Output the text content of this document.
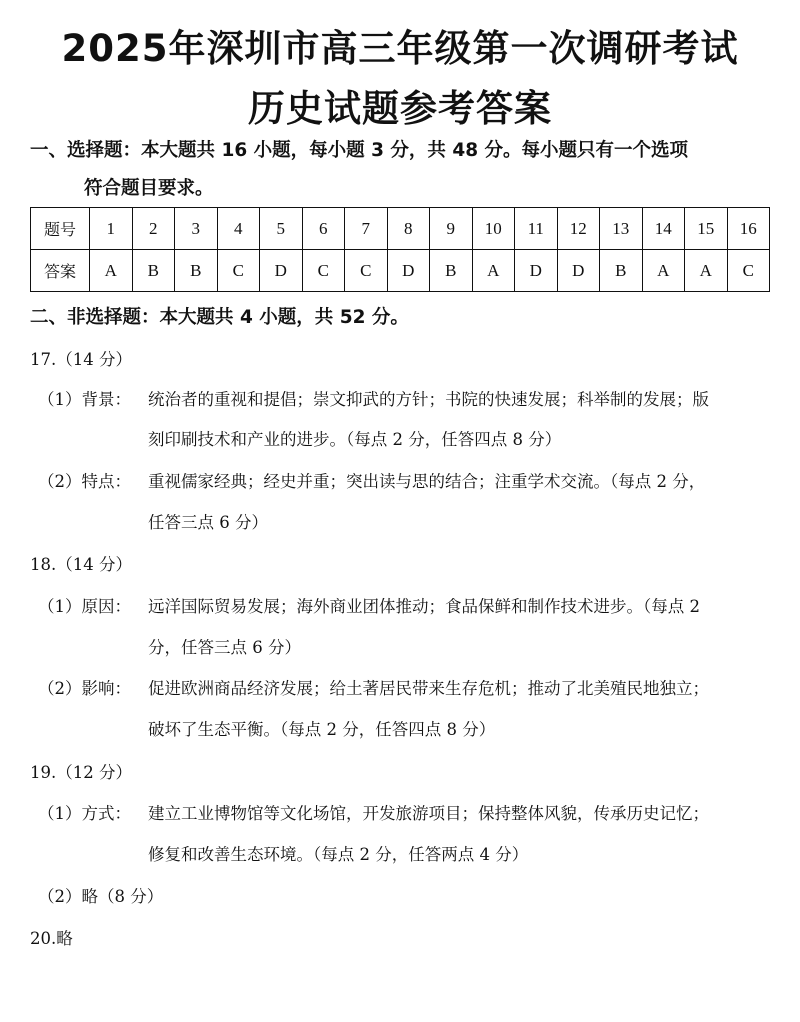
2025年深圳市高三年级第一次调研考试
历史试题参考答案
一、选择题：本大题共 16 小题，每小题 3 分，共 48 分。每小题只有一个选项
符合题目要求。
题号	1	2	3	4	5	6	7	8	9	10	11	12	13	14	15	16
答案	A	B	B	C	D	C	C	D	B	A	D	D	B	A	A	C
二、非选择题：本大题共 4 小题，共 52 分。
17.（14 分）
（1）背景： 统治者的重视和提倡；崇文抑武的方针；书院的快速发展；科举制的发展；版
刻印刷技术和产业的进步。（每点 2 分，任答四点 8 分）
（2）特点： 重视儒家经典；经史并重；突出读与思的结合；注重学术交流。（每点 2 分，
任答三点 6 分）
18.（14 分）
（1）原因： 远洋国际贸易发展；海外商业团体推动；食品保鲜和制作技术进步。（每点 2
分，任答三点 6 分）
（2）影响： 促进欧洲商品经济发展；给土著居民带来生存危机；推动了北美殖民地独立；
破坏了生态平衡。（每点 2 分，任答四点 8 分）
19.（12 分）
（1）方式： 建立工业博物馆等文化场馆，开发旅游项目；保持整体风貌，传承历史记忆；
修复和改善生态环境。（每点 2 分，任答两点 4 分）
（2）略（8 分）
20.略
